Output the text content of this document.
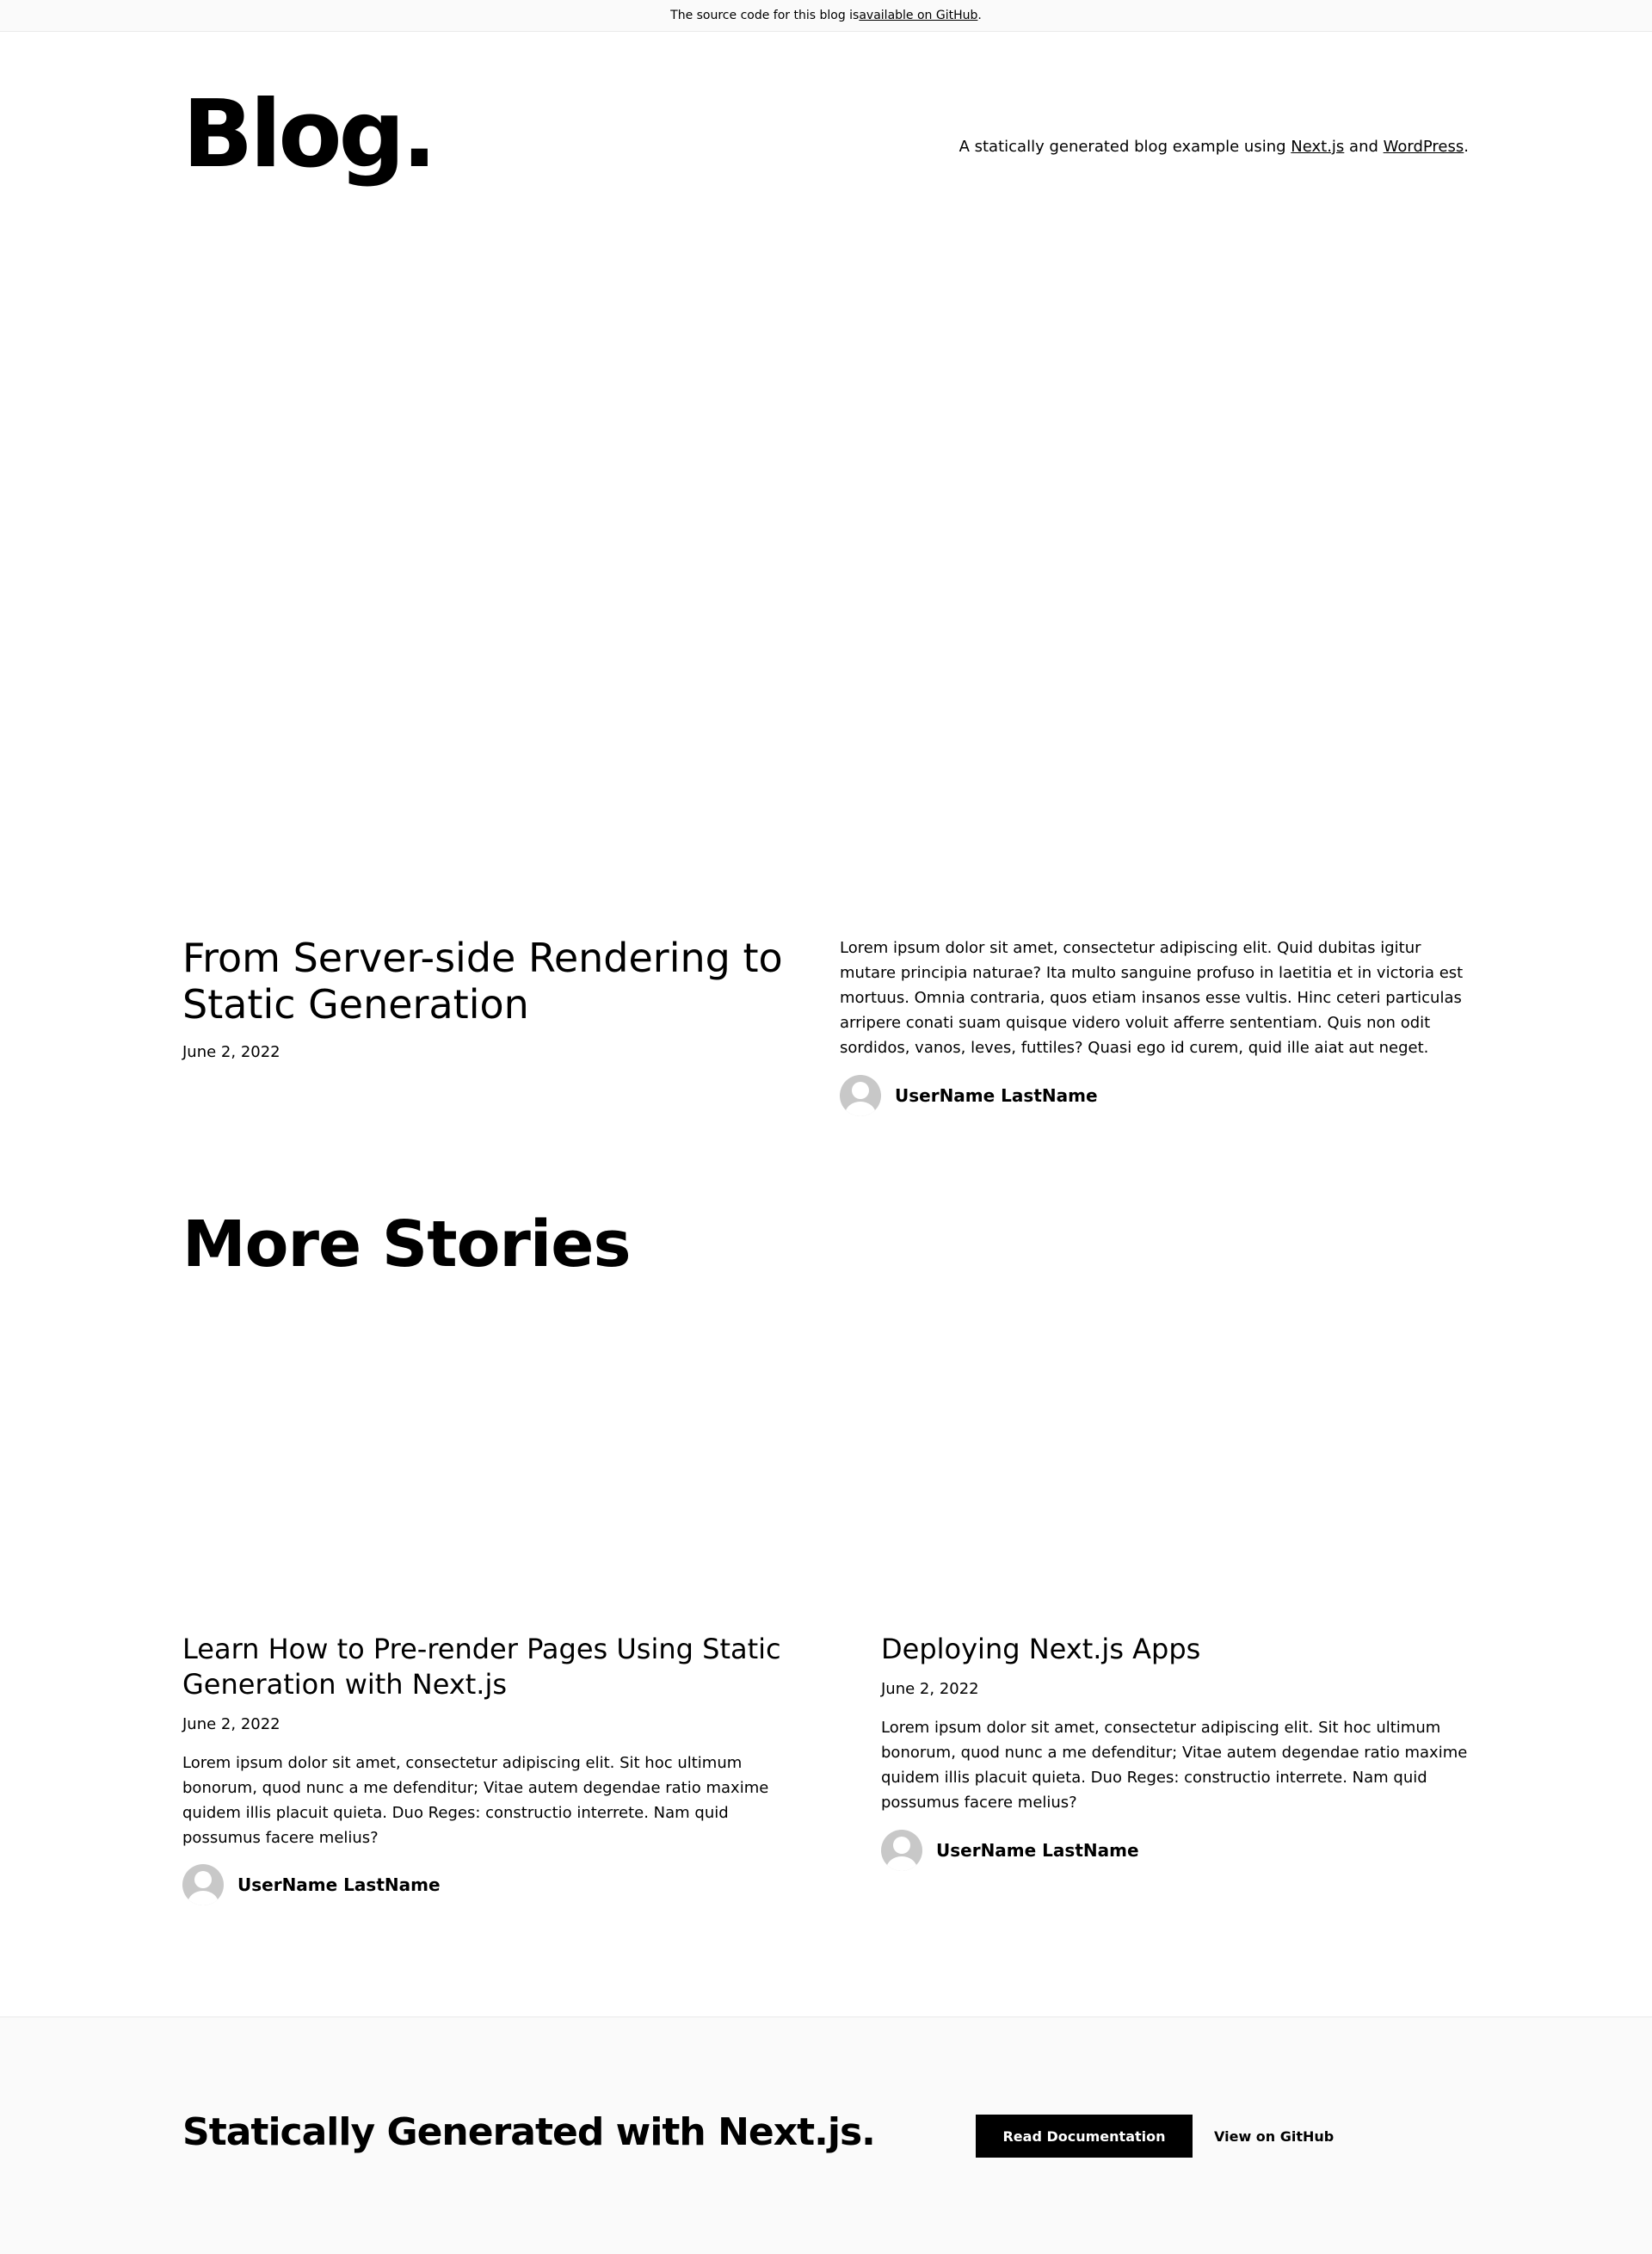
The source code for this blog is available on GitHub .
Blog.	A statically generated blog example using Next.js and WordPress.
From Server-side Rendering to Static Generation
June 2, 2022

Lorem ipsum dolor sit amet, consectetur adipiscing elit. Quid dubitas igitur mutare principia naturae? Ita multo sanguine profuso in laetitia et in victoria est mortuus. Omnia contraria, quos etiam insanos esse vultis. Hinc ceteri particulas arripere conati suam quisque videro voluit afferre sententiam. Quis non odit sordidos, vanos, leves, futtiles? Quasi ego id curem, quid ille aiat aut neget.

UserName LastName
More Stories
Learn How to Pre-render Pages Using Static Generation with Next.js
June 2, 2022

Lorem ipsum dolor sit amet, consectetur adipiscing elit. Sit hoc ultimum bonorum, quod nunc a me defenditur; Vitae autem degendae ratio maxime quidem illis placuit quieta. Duo Reges: constructio interrete. Nam quid possumus facere melius?

UserName LastName
Deploying Next.js Apps
June 2, 2022

Lorem ipsum dolor sit amet, consectetur adipiscing elit. Sit hoc ultimum bonorum, quod nunc a me defenditur; Vitae autem degendae ratio maxime quidem illis placuit quieta. Duo Reges: constructio interrete. Nam quid possumus facere melius?

UserName LastName
Statically Generated with Next.js.	Read Documentation	View on GitHub
